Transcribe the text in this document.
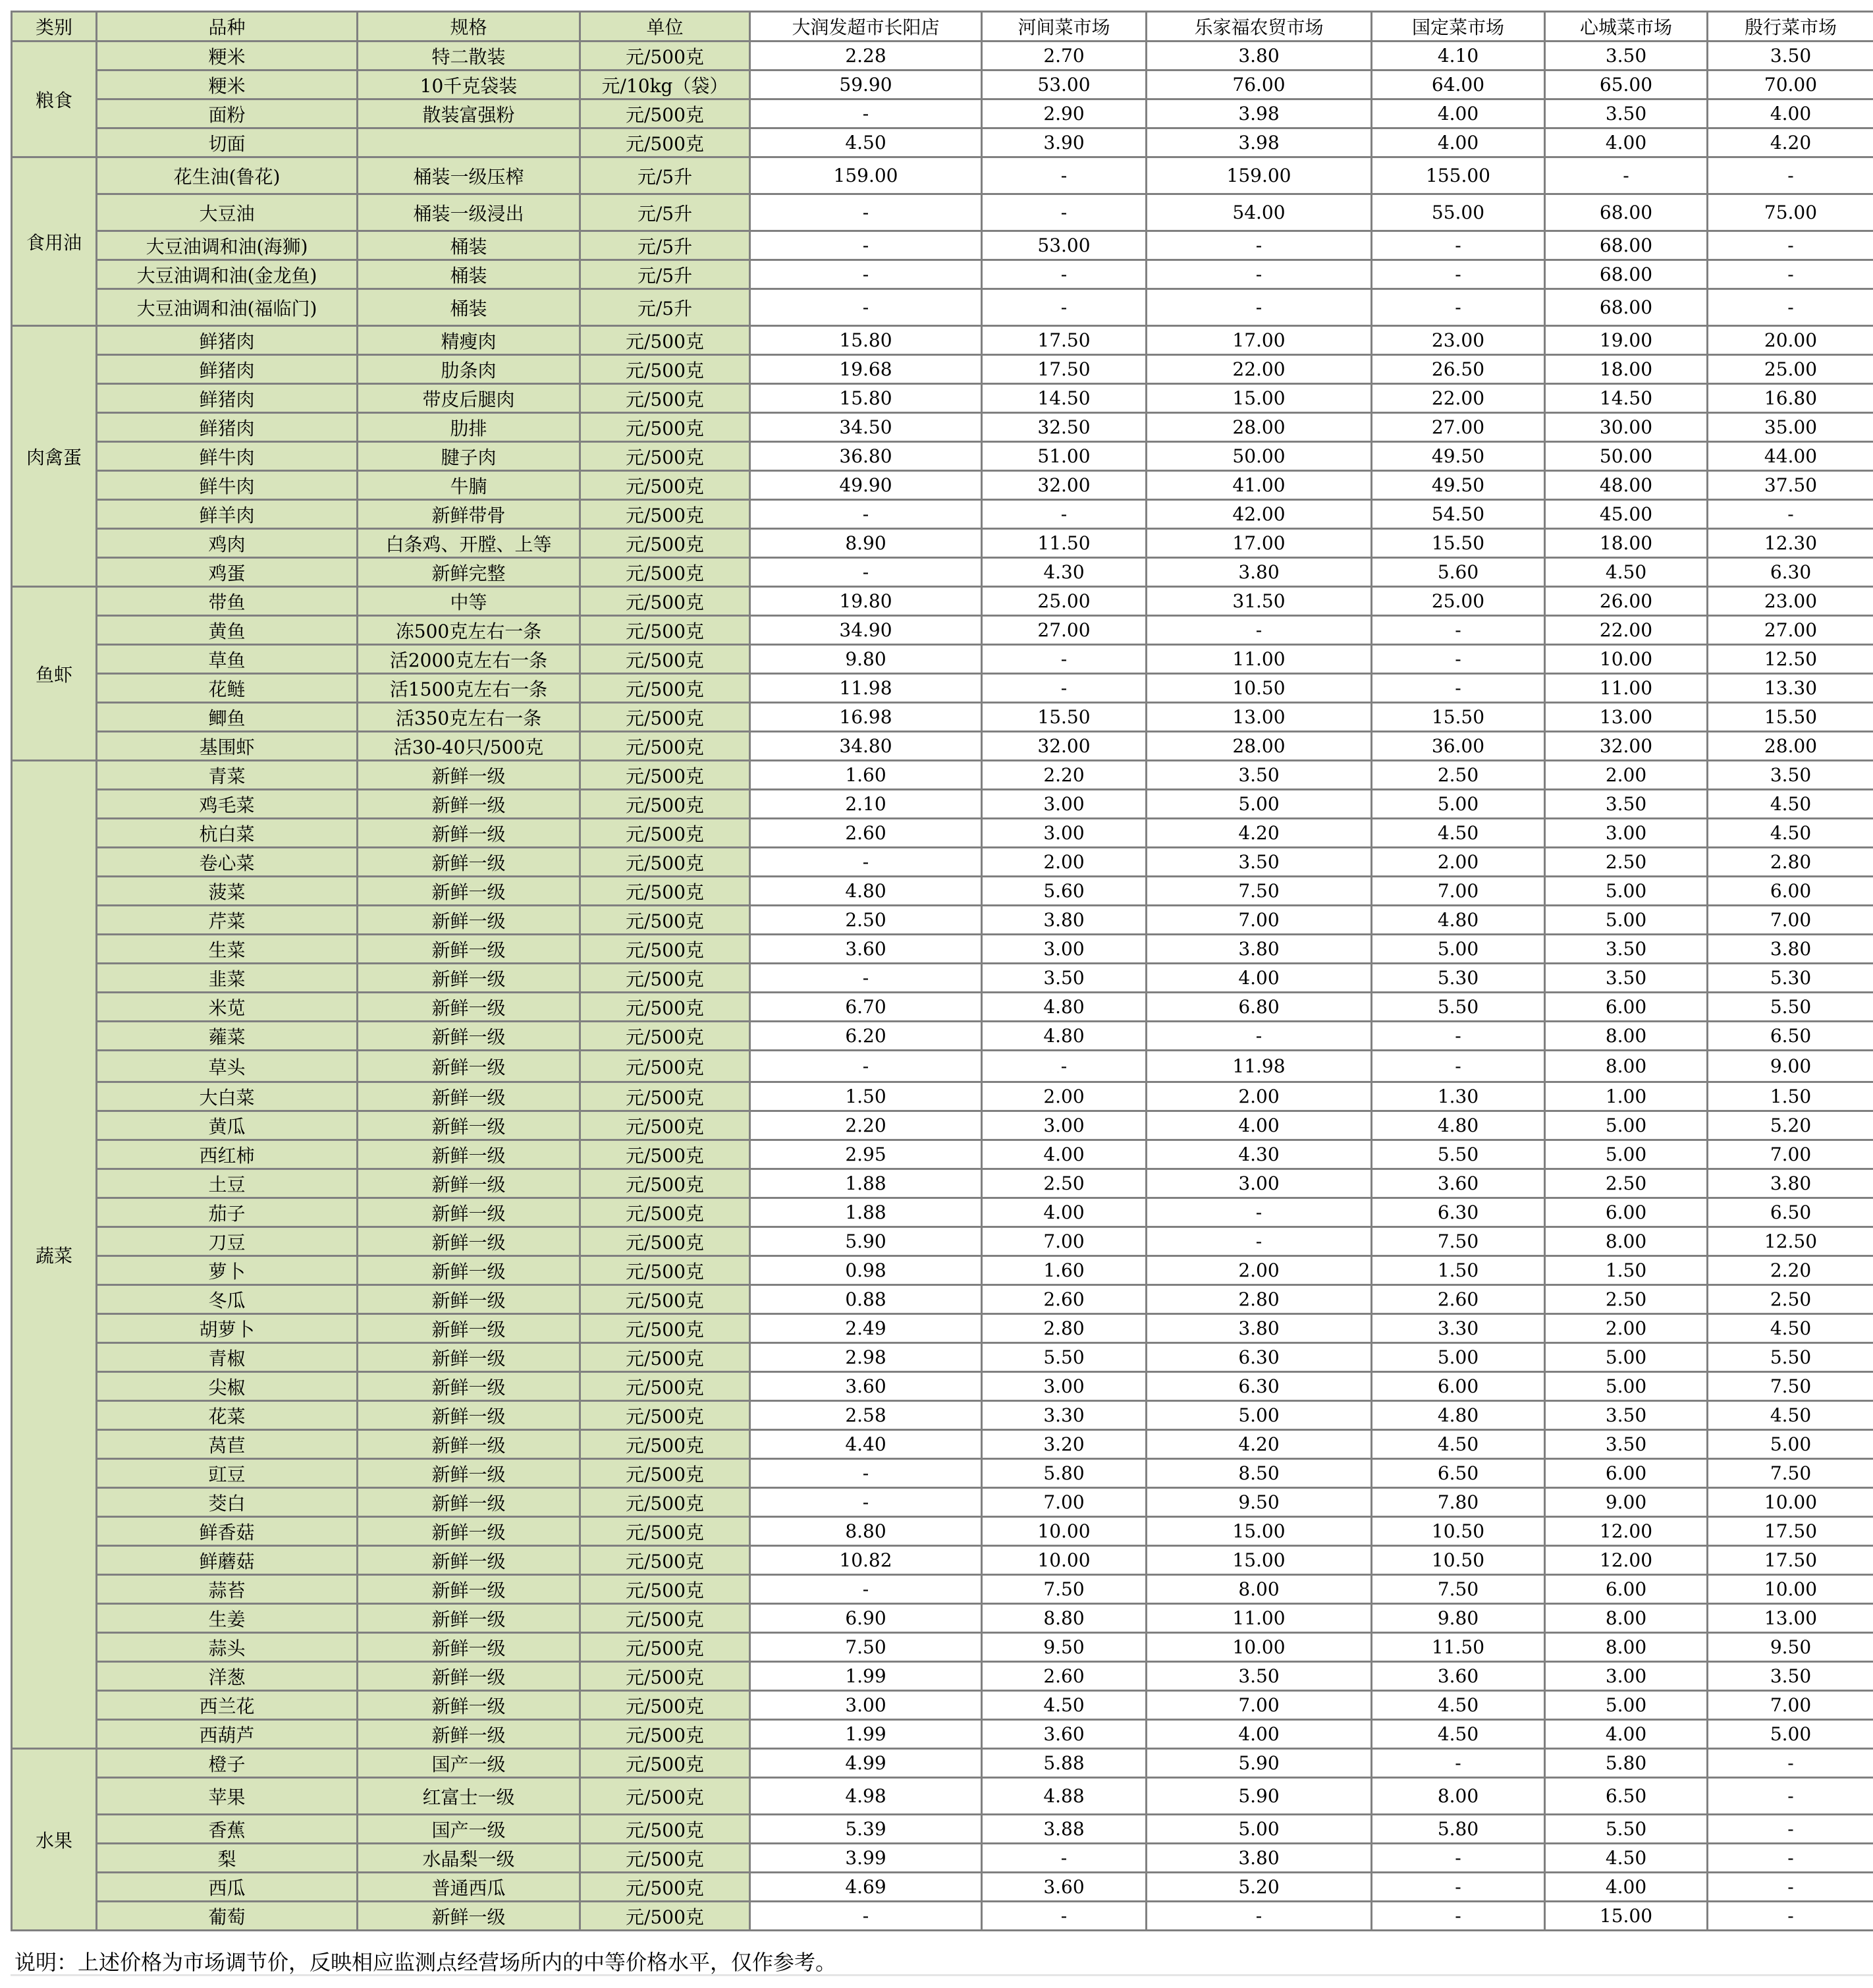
类别	品种	规格	单位	大润发超市长阳店	河间菜市场	乐家福农贸市场	国定菜市场	心城菜市场	殷行菜市场
粮食	粳米	特二散装	元/500克	2.28	2.70	3.80	4.10	3.50	3.50
	粳米	10千克袋装	元/10kg（袋）	59.90	53.00	76.00	64.00	65.00	70.00
	面粉	散装富强粉	元/500克	-	2.90	3.98	4.00	3.50	4.00
	切面		元/500克	4.50	3.90	3.98	4.00	4.00	4.20
食用油	花生油(鲁花)	桶装一级压榨	元/5升	159.00	-	159.00	155.00	-	-
	大豆油	桶装一级浸出	元/5升	-	-	54.00	55.00	68.00	75.00
	大豆油调和油(海狮)	桶装	元/5升	-	53.00	-	-	68.00	-
	大豆油调和油(金龙鱼)	桶装	元/5升	-	-	-	-	68.00	-
	大豆油调和油(福临门)	桶装	元/5升	-	-	-	-	68.00	-
肉禽蛋	鲜猪肉	精瘦肉	元/500克	15.80	17.50	17.00	23.00	19.00	20.00
	鲜猪肉	肋条肉	元/500克	19.68	17.50	22.00	26.50	18.00	25.00
	鲜猪肉	带皮后腿肉	元/500克	15.80	14.50	15.00	22.00	14.50	16.80
	鲜猪肉	肋排	元/500克	34.50	32.50	28.00	27.00	30.00	35.00
	鲜牛肉	腱子肉	元/500克	36.80	51.00	50.00	49.50	50.00	44.00
	鲜牛肉	牛腩	元/500克	49.90	32.00	41.00	49.50	48.00	37.50
	鲜羊肉	新鲜带骨	元/500克	-	-	42.00	54.50	45.00	-
	鸡肉	白条鸡、开膛、上等	元/500克	8.90	11.50	17.00	15.50	18.00	12.30
	鸡蛋	新鲜完整	元/500克	-	4.30	3.80	5.60	4.50	6.30
鱼虾	带鱼	中等	元/500克	19.80	25.00	31.50	25.00	26.00	23.00
	黄鱼	冻500克左右一条	元/500克	34.90	27.00	-	-	22.00	27.00
	草鱼	活2000克左右一条	元/500克	9.80	-	11.00	-	10.00	12.50
	花鲢	活1500克左右一条	元/500克	11.98	-	10.50	-	11.00	13.30
	鲫鱼	活350克左右一条	元/500克	16.98	15.50	13.00	15.50	13.00	15.50
	基围虾	活30-40只/500克	元/500克	34.80	32.00	28.00	36.00	32.00	28.00
蔬菜	青菜	新鲜一级	元/500克	1.60	2.20	3.50	2.50	2.00	3.50
	鸡毛菜	新鲜一级	元/500克	2.10	3.00	5.00	5.00	3.50	4.50
	杭白菜	新鲜一级	元/500克	2.60	3.00	4.20	4.50	3.00	4.50
	卷心菜	新鲜一级	元/500克	-	2.00	3.50	2.00	2.50	2.80
	菠菜	新鲜一级	元/500克	4.80	5.60	7.50	7.00	5.00	6.00
	芹菜	新鲜一级	元/500克	2.50	3.80	7.00	4.80	5.00	7.00
	生菜	新鲜一级	元/500克	3.60	3.00	3.80	5.00	3.50	3.80
	韭菜	新鲜一级	元/500克	-	3.50	4.00	5.30	3.50	5.30
	米苋	新鲜一级	元/500克	6.70	4.80	6.80	5.50	6.00	5.50
	蕹菜	新鲜一级	元/500克	6.20	4.80	-	-	8.00	6.50
	草头	新鲜一级	元/500克	-	-	11.98	-	8.00	9.00
	大白菜	新鲜一级	元/500克	1.50	2.00	2.00	1.30	1.00	1.50
	黄瓜	新鲜一级	元/500克	2.20	3.00	4.00	4.80	5.00	5.20
	西红柿	新鲜一级	元/500克	2.95	4.00	4.30	5.50	5.00	7.00
	土豆	新鲜一级	元/500克	1.88	2.50	3.00	3.60	2.50	3.80
	茄子	新鲜一级	元/500克	1.88	4.00	-	6.30	6.00	6.50
	刀豆	新鲜一级	元/500克	5.90	7.00	-	7.50	8.00	12.50
	萝卜	新鲜一级	元/500克	0.98	1.60	2.00	1.50	1.50	2.20
	冬瓜	新鲜一级	元/500克	0.88	2.60	2.80	2.60	2.50	2.50
	胡萝卜	新鲜一级	元/500克	2.49	2.80	3.80	3.30	2.00	4.50
	青椒	新鲜一级	元/500克	2.98	5.50	6.30	5.00	5.00	5.50
	尖椒	新鲜一级	元/500克	3.60	3.00	6.30	6.00	5.00	7.50
	花菜	新鲜一级	元/500克	2.58	3.30	5.00	4.80	3.50	4.50
	莴苣	新鲜一级	元/500克	4.40	3.20	4.20	4.50	3.50	5.00
	豇豆	新鲜一级	元/500克	-	5.80	8.50	6.50	6.00	7.50
	茭白	新鲜一级	元/500克	-	7.00	9.50	7.80	9.00	10.00
	鲜香菇	新鲜一级	元/500克	8.80	10.00	15.00	10.50	12.00	17.50
	鲜蘑菇	新鲜一级	元/500克	10.82	10.00	15.00	10.50	12.00	17.50
	蒜苔	新鲜一级	元/500克	-	7.50	8.00	7.50	6.00	10.00
	生姜	新鲜一级	元/500克	6.90	8.80	11.00	9.80	8.00	13.00
	蒜头	新鲜一级	元/500克	7.50	9.50	10.00	11.50	8.00	9.50
	洋葱	新鲜一级	元/500克	1.99	2.60	3.50	3.60	3.00	3.50
	西兰花	新鲜一级	元/500克	3.00	4.50	7.00	4.50	5.00	7.00
	西葫芦	新鲜一级	元/500克	1.99	3.60	4.00	4.50	4.00	5.00
水果	橙子	国产一级	元/500克	4.99	5.88	5.90	-	5.80	-
	苹果	红富士一级	元/500克	4.98	4.88	5.90	8.00	6.50	-
	香蕉	国产一级	元/500克	5.39	3.88	5.00	5.80	5.50	-
	梨	水晶梨一级	元/500克	3.99	-	3.80	-	4.50	-
	西瓜	普通西瓜	元/500克	4.69	3.60	5.20	-	4.00	-
	葡萄	新鲜一级	元/500克	-	-	-	-	15.00	-
说明：上述价格为市场调节价，反映相应监测点经营场所内的中等价格水平，仅作参考。
